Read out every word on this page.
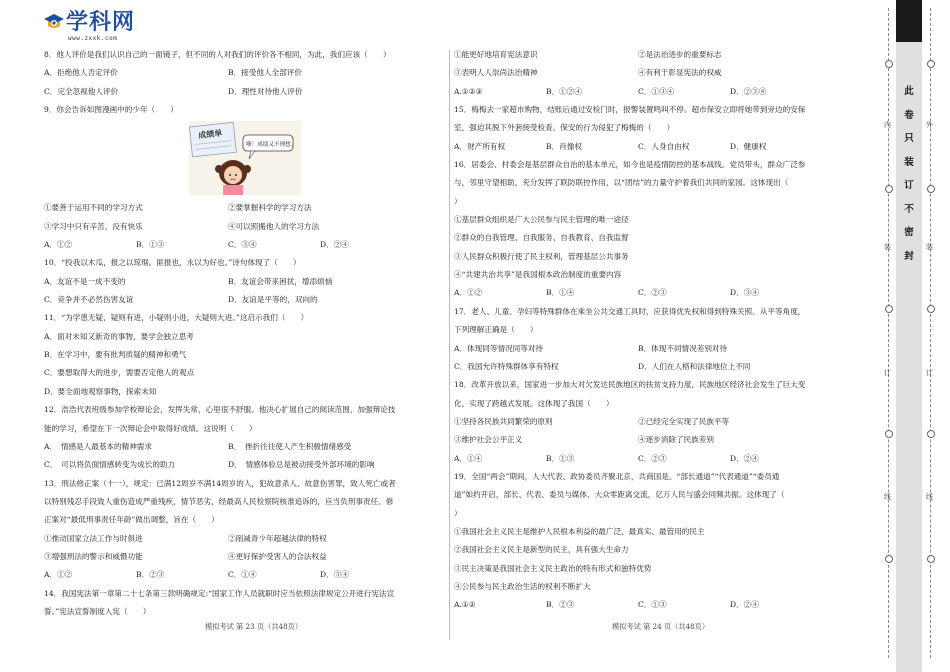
学科网
www.zxxk.com
8．他人评价是我们认识自己的一面镜子，但不同的人对我们的评价各不相同，为此，我们应该（　　）
A．拒绝他人否定评价	B．接受他人全部评价
C．完全忽视他人评价	D．理性对待他人评价
9．你会告诉如图漫画中的少年（　　）
成绩单
嗨！成绩又不理想。
①要善于运用不同的学习方式	②要掌握科学的学习方法
③学习中只有辛苦，没有快乐	④可以照搬他人的学习方法
A．①②	B．①③	C．③④	D．②④
10．“投我以木瓜，报之以琼琚。匪报也，永以为好也。”诗句体现了（　　）
A．友谊不是一成不变的	B．友谊会带来困扰，增添烦恼
C．竞争并不必然伤害友谊	D．友谊是平等的，双向的
11．“为学患无疑，疑则有进，小疑则小进，大疑则大进。”这启示我们（　　）
A．面对未知又新奇的事物，要学会独立思考
B．在学习中，要有批判质疑的精神和勇气
C．要想取得大的进步，需要否定他人的观点
D．要全面地观察事物，探索未知
12．浩浩代表班级参加学校辩论会，发挥失常，心里很不舒服。他决心扩展自己的阅读范围，加强辩论技
能的学习，希望在下一次辩论会中取得好成绩。这说明（　　）
A．　情感是人最基本的精神需求	B．　挫折往往使人产生积极情绪感受
C．　可以将负面情感转变为成长的助力	D．　情感体验总是被动接受外部环境的影响
13．刑法修正案（十一），规定：已满12周岁不满14周岁的人，犯故意杀人、故意伤害罪，致人死亡或者
以特别残忍手段致人重伤造成严重残疾，情节恶劣，经最高人民检察院核准追诉的，应当负刑事责任。修
正案对“最低刑事责任年龄”做出调整，旨在（　　）
①推动国家立法工作与时俱进	②削减青少年超越法律的特权
③增强刑法的警示和威慑功能	④更好保护受害人的合法权益
A．①②	B．②③	C．①④	D．③④
14．我国宪法第一章第二十七条第三款明确规定:“国家工作人员就职时应当依照法律规定公开进行宪法宣
誓。”宪法宣誓制度入宪（　　）
①能更好地培育宪法意识	②是法治进步的重要标志
③表明人人崇尚法治精神	④有利于彰显宪法的权威
A.①②③	B．①②④	C．①③④	D．②③④
15．梅梅去一家超市购物，结账后通过安检门时，报警装置鸣叫不停。超市保安立即将她带到旁边的安保
室，强迫其脱下外套接受检查。保安的行为侵犯了梅梅的（　　）
A．财产所有权	B．肖像权	C．人身自由权	D．健康权
16．居委会、村委会是基层群众自治的基本单元，如今也是疫情防控的基本战线。党员带头，群众广泛参
与，邻里守望相助，充分发挥了联防联控作用，以“团结”的力量守护着我们共同的家园。这体现出（
）
①基层群众组织是广大公民参与民主管理的唯一途径
②群众的自我管理、自我服务、自我教育、自我监督
③人民群众积极行使了民主权利，管理基层公共事务
④“共建共治共享”是我国根本政治制度的重要内容
A．①②	B．①④	C．②③	D．③④
17．老人、儿童、孕妇等特殊群体在乘坐公共交通工具时，应获得优先权和得到特殊关照。从平等角度，
下列理解正确是（　　）
A．体现同等情况同等对待	B．体现不同情况差别对待
C．我国允许特殊群体享有特权	D．人们在人格和法律地位上不同
18．改革开放以来，国家进一步加大对欠发达民族地区的扶贫支持力度，民族地区经济社会发生了巨大变
化，实现了跨越式发展。这体现了我国（　　）
①坚持各民族共同繁荣的原则	②已经完全实现了民族平等
③维护社会公平正义	④逐步消除了民族差别
A．①④	B．①③	C．②③	D．②④
19．全国“两会”期间，人大代表、政协委员齐聚北京，共商国是。“部长通道”“代表通道”“委员通
道”如约开启，部长、代表、委员与媒体、大众零距离交流，亿万人民与盛会同频共振。这体现了（
）
①我国社会主义民主是维护人民根本利益的最广泛、最真实、最管用的民主
②我国社会主义民主是新型的民主，具有强大生命力
③民主决策是我国社会主义民主政治的特有形式和独特优势
④公民参与民主政治生活的权利不断扩大
A.①②	B．②③	C．①③	D．②④
模拟考试 第 23 页（共48页）	模拟考试 第 24 页（共48页）
此
卷
只
装
订
不
密
封
内
装
订
线
外
装
订
线
